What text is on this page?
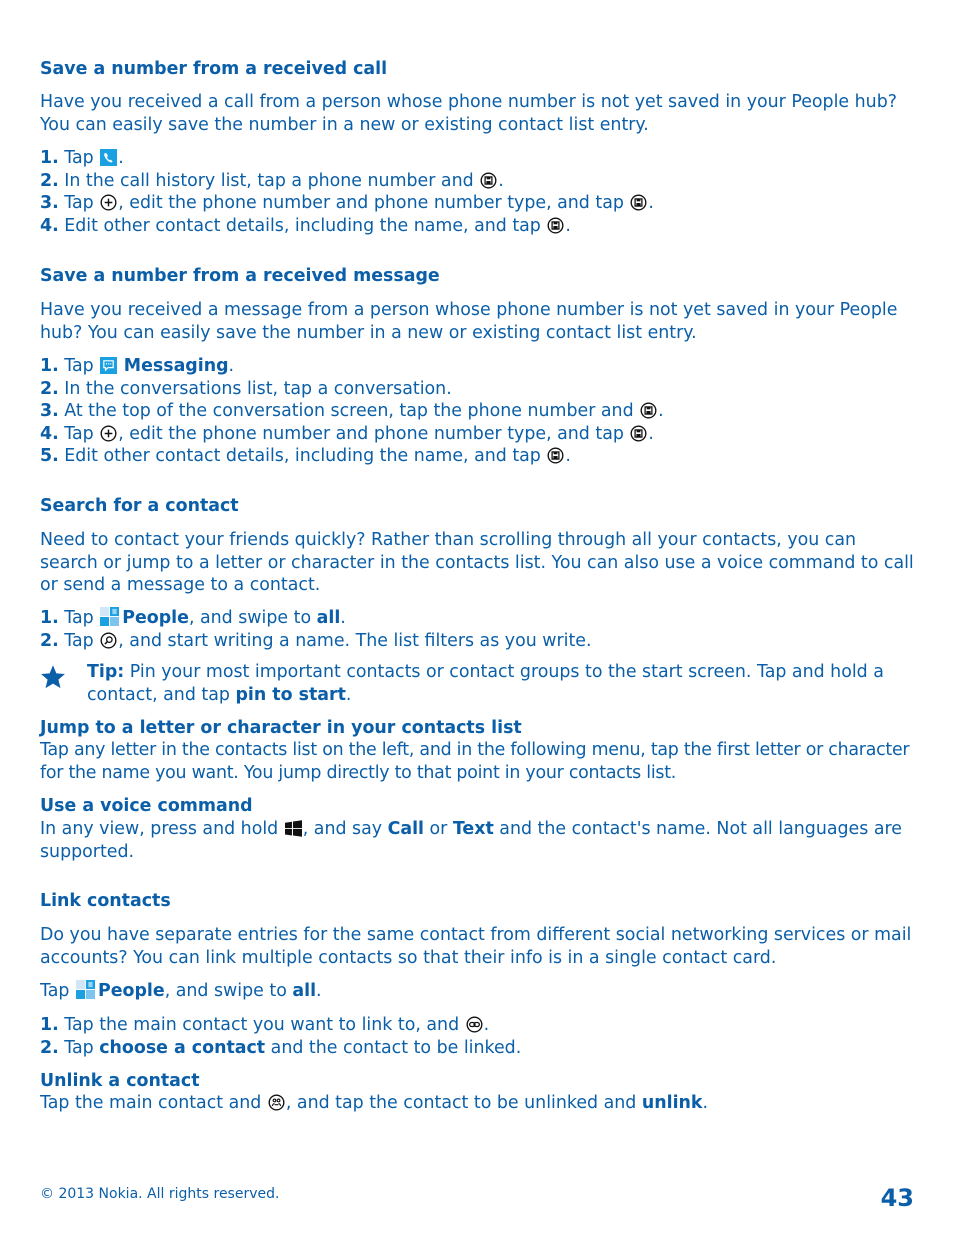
Save a number from a received call

Have you received a call from a person whose phone number is not yet saved in your People hub? You can easily save the number in a new or existing contact list entry.

1. Tap .

2. In the call history list, tap a phone number and .

3. Tap , edit the phone number and phone number type, and tap .

4. Edit other contact details, including the name, and tap .

Save a number from a received message

Have you received a message from a person whose phone number is not yet saved in your People hub? You can easily save the number in a new or existing contact list entry.

1. Tap Messaging.

2. In the conversations list, tap a conversation.

3. At the top of the conversation screen, tap the phone number and .

4. Tap , edit the phone number and phone number type, and tap .

5. Edit other contact details, including the name, and tap .

Search for a contact

Need to contact your friends quickly? Rather than scrolling through all your contacts, you can search or jump to a letter or character in the contacts list. You can also use a voice command to call or send a message to a contact.

1. Tap People, and swipe to all.

2. Tap , and start writing a name. The list filters as you write.

Tip: Pin your most important contacts or contact groups to the start screen. Tap and hold a contact, and tap pin to start.

Jump to a letter or character in your contacts list

Tap any letter in the contacts list on the left, and in the following menu, tap the first letter or character for the name you want. You jump directly to that point in your contacts list.

Use a voice command

In any view, press and hold , and say Call or Text and the contact's name. Not all languages are supported.

Link contacts

Do you have separate entries for the same contact from different social networking services or mail accounts? You can link multiple contacts so that their info is in a single contact card.

Tap People, and swipe to all.

1. Tap the main contact you want to link to, and .

2. Tap choose a contact and the contact to be linked.

Unlink a contact

Tap the main contact and , and tap the contact to be unlinked and unlink.

© 2013 Nokia. All rights reserved.	43
